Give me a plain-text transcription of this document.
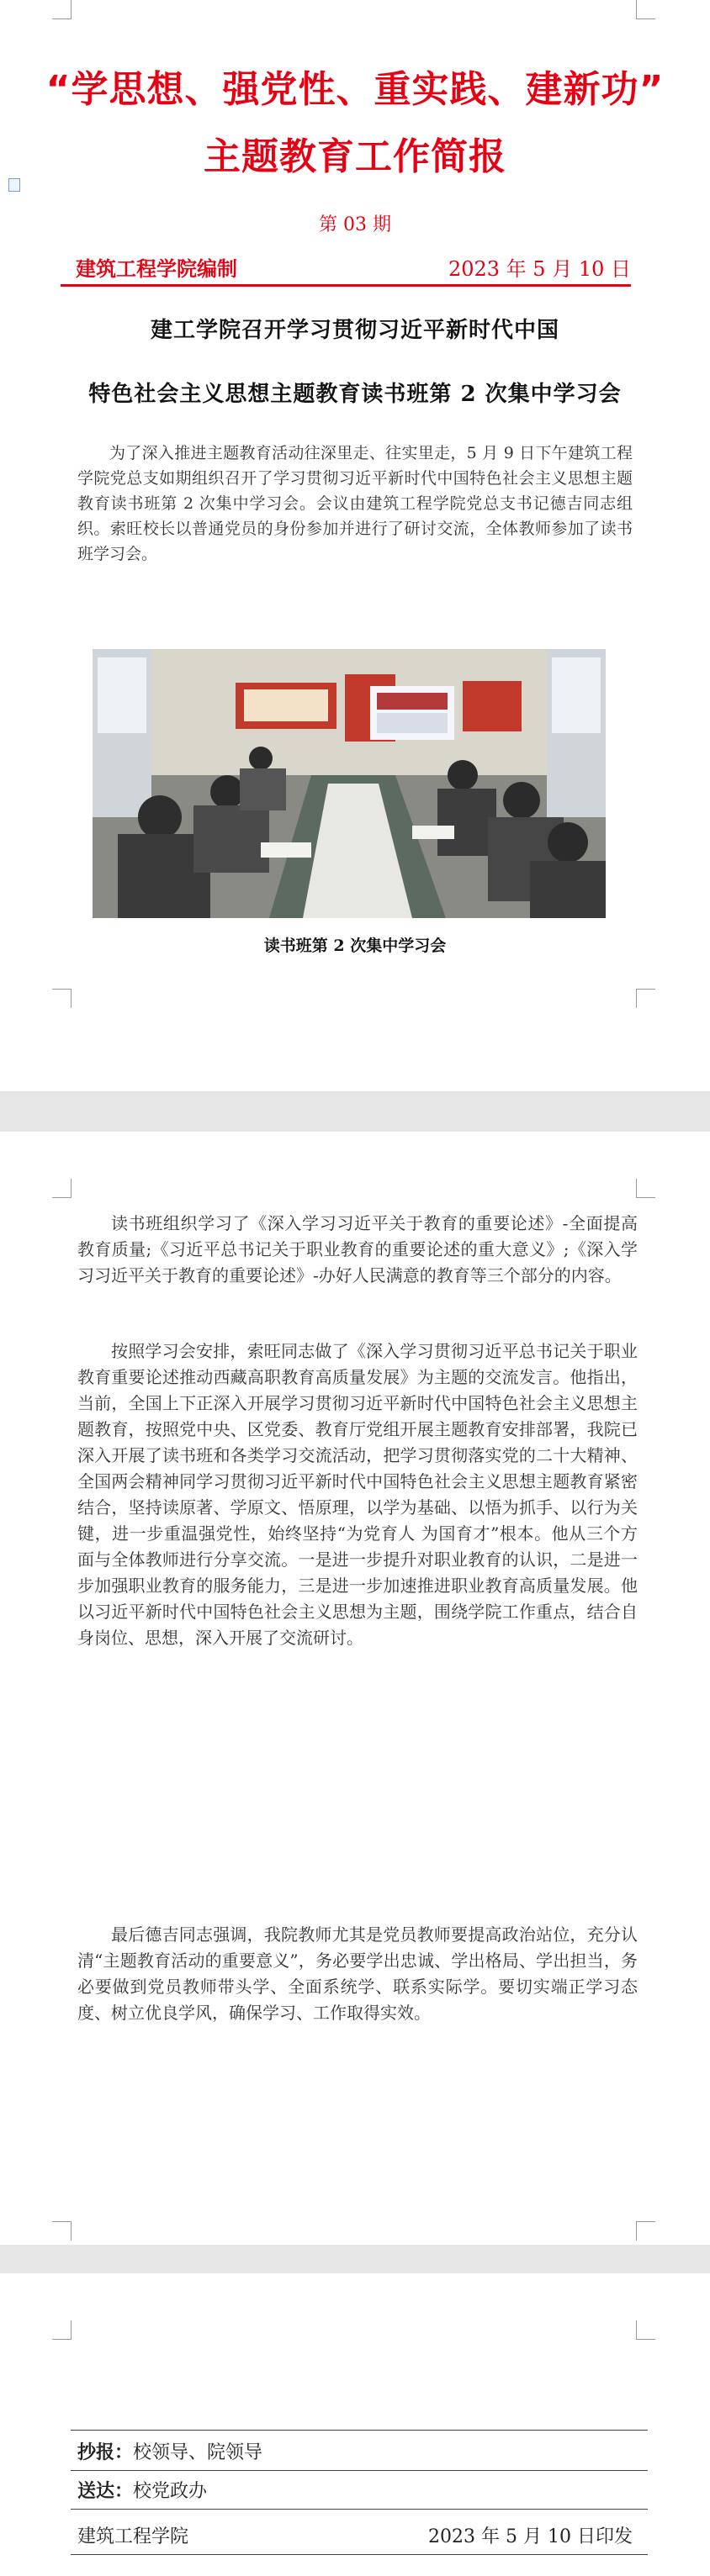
“学思想、强党性、重实践、建新功”
主题教育工作简报
第 03 期
建筑工程学院编制	2023 年 5 月 10 日
建工学院召开学习贯彻习近平新时代中国
特色社会主义思想主题教育读书班第 2 次集中学习会

为了深入推进主题教育活动往深里走、往实里走，5 月 9 日下午建筑工程学院党总支如期组织召开了学习贯彻习近平新时代中国特色社会主义思想主题教育读书班第 2 次集中学习会。会议由建筑工程学院党总支书记德吉同志组织。索旺校长以普通党员的身份参加并进行了研讨交流，全体教师参加了读书班学习会。

读书班第 2 次集中学习会

读书班组织学习了《深入学习习近平关于教育的重要论述》-全面提高教育质量;《习近平总书记关于职业教育的重要论述的重大意义》;《深入学习习近平关于教育的重要论述》-办好人民满意的教育等三个部分的内容。

按照学习会安排，索旺同志做了《深入学习贯彻习近平总书记关于职业教育重要论述推动西藏高职教育高质量发展》为主题的交流发言。他指出，当前，全国上下正深入开展学习贯彻习近平新时代中国特色社会主义思想主题教育，按照党中央、区党委、教育厅党组开展主题教育安排部署，我院已深入开展了读书班和各类学习交流活动，把学习贯彻落实党的二十大精神、全国两会精神同学习贯彻习近平新时代中国特色社会主义思想主题教育紧密结合，坚持读原著、学原文、悟原理，以学为基础、以悟为抓手、以行为关键，进一步重温强党性，始终坚持“为党育人 为国育才”根本。他从三个方面与全体教师进行分享交流。一是进一步提升对职业教育的认识，二是进一步加强职业教育的服务能力，三是进一步加速推进职业教育高质量发展。他以习近平新时代中国特色社会主义思想为主题，围绕学院工作重点，结合自身岗位、思想，深入开展了交流研讨。

最后德吉同志强调，我院教师尤其是党员教师要提高政治站位，充分认清“主题教育活动的重要意义”，务必要学出忠诚、学出格局、学出担当，务必要做到党员教师带头学、全面系统学、联系实际学。要切实端正学习态度、树立优良学风，确保学习、工作取得实效。

抄报：校领导、院领导
送达：校党政办
建筑工程学院	2023 年 5 月 10 日印发
